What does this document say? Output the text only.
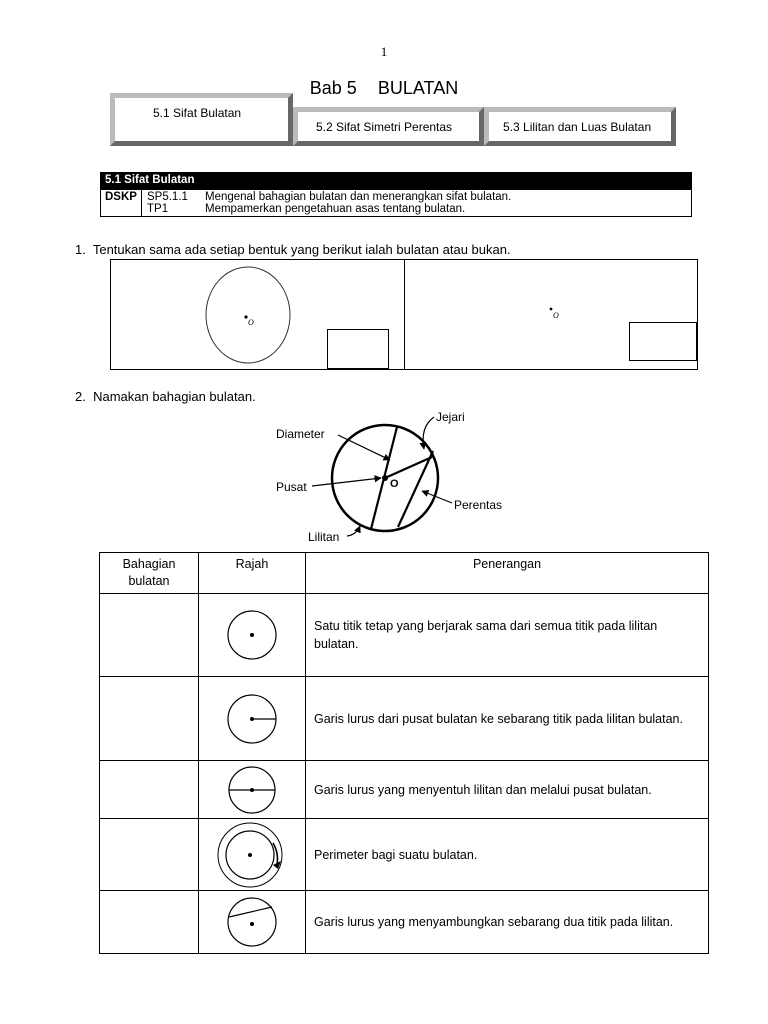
1
Bab 5 BULATAN
5.1 Sifat Bulatan
5.2 Sifat Simetri Perentas	5.3 Lilitan dan Luas Bulatan
5.1 Sifat Bulatan
DSKP SP5.1.1 Mengenal bahagian bulatan dan menerangkan sifat bulatan.
TP1	Mempamerkan pengetahuan asas tentang bulatan.
1. Tentukan sama ada setiap bentuk yang berikut ialah bulatan atau bukan.
O
O
2. Namakan bahagian bulatan.
O
Diameter
Jejari
Pusat
Perentas
Lilitan
Bahagian bulatan	Rajah	Penerangan
		Satu titik tetap yang berjarak sama dari semua titik pada lilitan bulatan.
		Garis lurus dari pusat bulatan ke sebarang titik pada lilitan bulatan.
		Garis lurus yang menyentuh lilitan dan melalui pusat bulatan.
		Perimeter bagi suatu bulatan.
		Garis lurus yang menyambungkan sebarang dua titik pada lilitan.
